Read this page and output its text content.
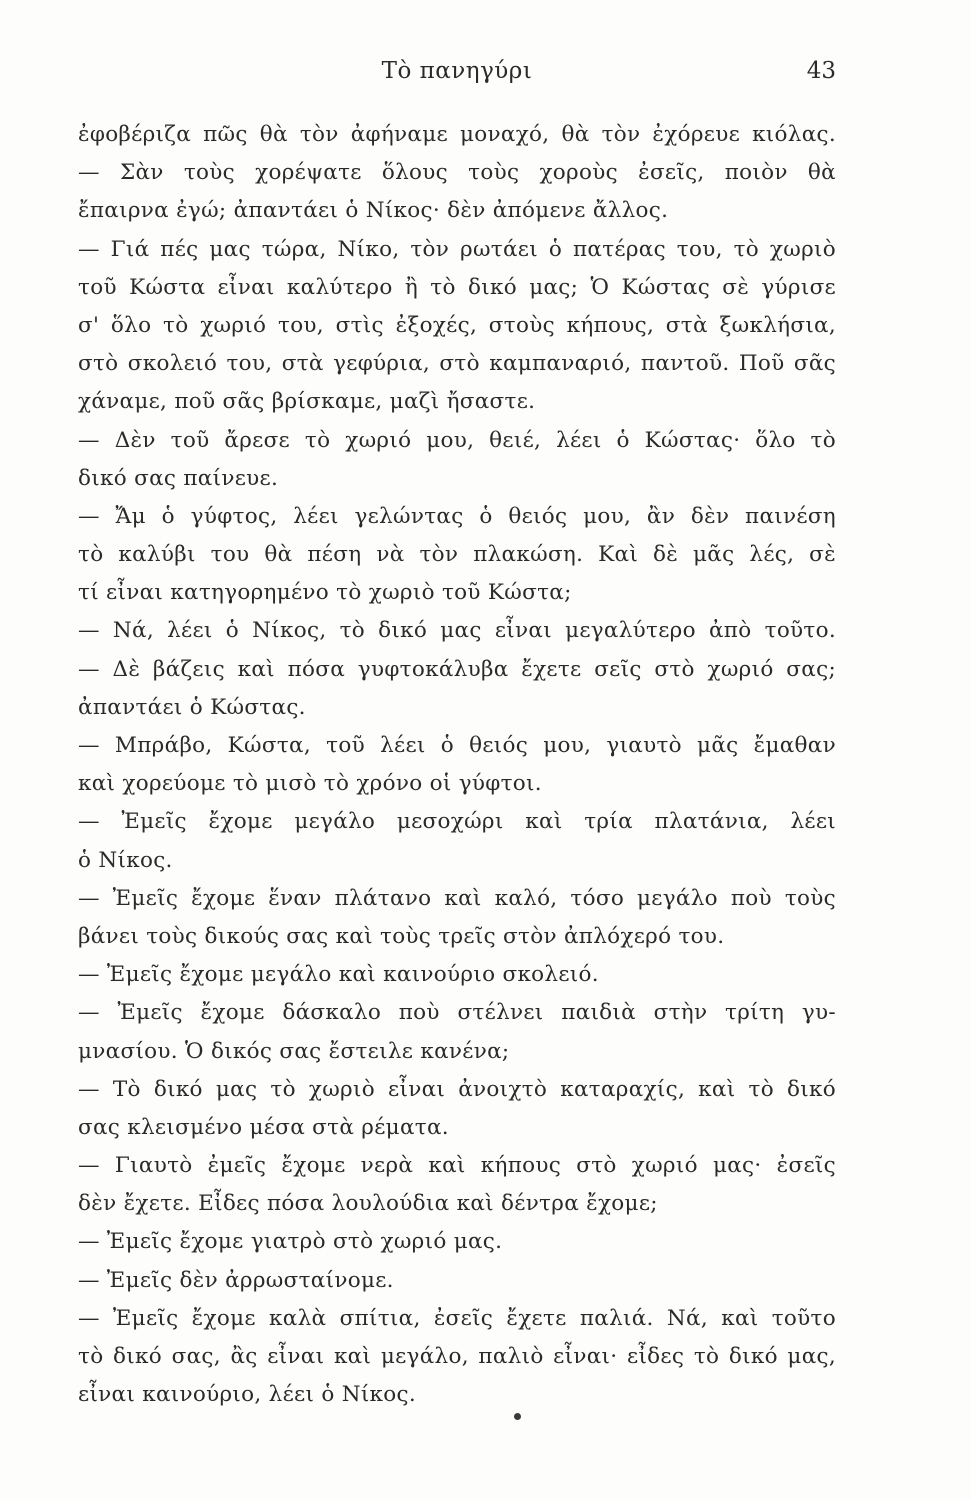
Τὸ πανηγύρι	43
ἐφοβέριζα πῶς θὰ τὸν ἀφήναμε μοναχό, θὰ τὸν ἐχόρευε κιόλας.
— Σὰν τοὺς χορέψατε ὅλους τοὺς χοροὺς ἐσεῖς, ποιὸν θὰ
ἔπαιρνα ἐγώ; ἀπαντάει ὁ Νίκος· δὲν ἀπόμενε ἄλλος.
— Γιά πές μας τώρα, Νίκο, τὸν ρωτάει ὁ πατέρας του, τὸ χωριὸ
τοῦ Κώστα εἶναι καλύτερο ἢ τὸ δικό μας; Ὁ Κώστας σὲ γύρισε
σ' ὅλο τὸ χωριό του, στὶς ἐξοχές, στοὺς κήπους, στὰ ξωκλήσια,
στὸ σκολειό του, στὰ γεφύρια, στὸ καμπαναριό, παντοῦ. Ποῦ σᾶς
χάναμε, ποῦ σᾶς βρίσκαμε, μαζὶ ἤσαστε.
— Δὲν τοῦ ἄρεσε τὸ χωριό μου, θειέ, λέει ὁ Κώστας· ὅλο τὸ
δικό σας παίνευε.
— Ἄμ ὁ γύφτος, λέει γελώντας ὁ θειός μου, ἂν δὲν παινέση
τὸ καλύβι του θὰ πέση νὰ τὸν πλακώση. Καὶ δὲ μᾶς λές, σὲ
τί εἶναι κατηγορημένο τὸ χωριὸ τοῦ Κώστα;
— Νά, λέει ὁ Νίκος, τὸ δικό μας εἶναι μεγαλύτερο ἀπὸ τοῦτο.
— Δὲ βάζεις καὶ πόσα γυφτοκάλυβα ἔχετε σεῖς στὸ χωριό σας;
ἀπαντάει ὁ Κώστας.
— Μπράβο, Κώστα, τοῦ λέει ὁ θειός μου, γιαυτὸ μᾶς ἔμαθαν
καὶ χορεύομε τὸ μισὸ τὸ χρόνο οἱ γύφτοι.
— Ἐμεῖς ἔχομε μεγάλο μεσοχώρι καὶ τρία πλατάνια, λέει
ὁ Νίκος.
— Ἐμεῖς ἔχομε ἕναν πλάτανο καὶ καλό, τόσο μεγάλο ποὺ τοὺς
βάνει τοὺς δικούς σας καὶ τοὺς τρεῖς στὸν ἀπλόχερό του.
— Ἐμεῖς ἔχομε μεγάλο καὶ καινούριο σκολειό.
— Ἐμεῖς ἔχομε δάσκαλο ποὺ στέλνει παιδιὰ στὴν τρίτη γυ-
μνασίου. Ὁ δικός σας ἔστειλε κανένα;
— Τὸ δικό μας τὸ χωριὸ εἶναι ἀνοιχτὸ καταραχίς, καὶ τὸ δικό
σας κλεισμένο μέσα στὰ ρέματα.
— Γιαυτὸ ἐμεῖς ἔχομε νερὰ καὶ κήπους στὸ χωριό μας· ἐσεῖς
δὲν ἔχετε. Εἶδες πόσα λουλούδια καὶ δέντρα ἔχομε;
— Ἐμεῖς ἔχομε γιατρὸ στὸ χωριό μας.
— Ἐμεῖς δὲν ἀρρωσταίνομε.
— Ἐμεῖς ἔχομε καλὰ σπίτια, ἐσεῖς ἔχετε παλιά. Νά, καὶ τοῦτο
τὸ δικό σας, ἂς εἶναι καὶ μεγάλο, παλιὸ εἶναι· εἶδες τὸ δικό μας,
εἶναι καινούριο, λέει ὁ Νίκος.
